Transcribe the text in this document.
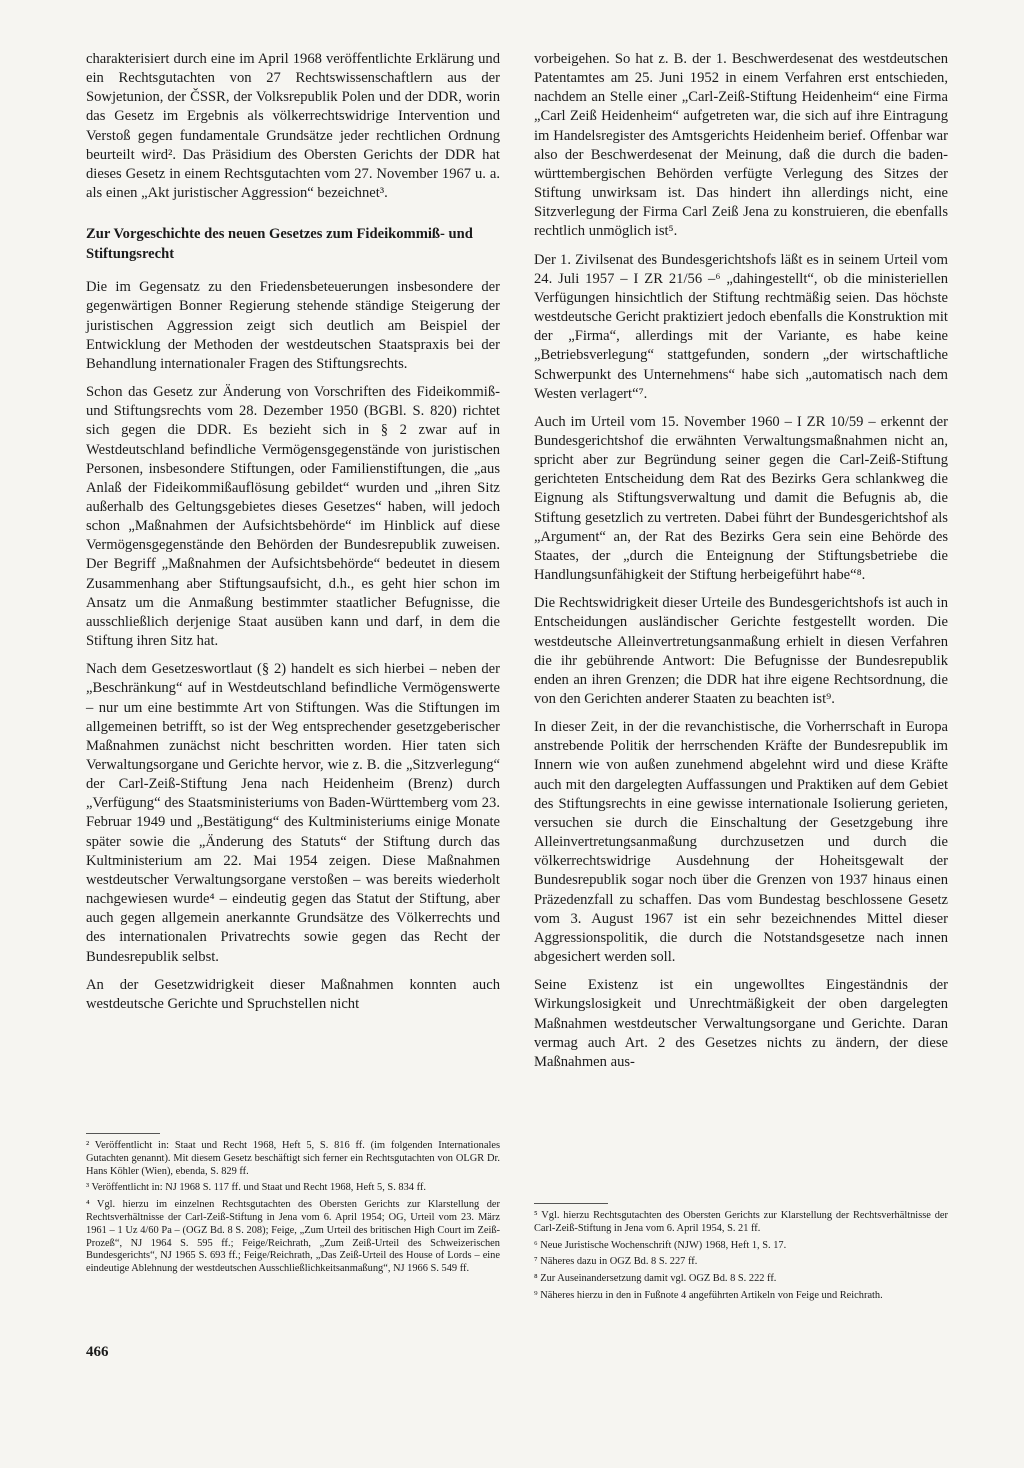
charakterisiert durch eine im April 1968 veröffentlichte Erklärung und ein Rechtsgutachten von 27 Rechtswissenschaftlern aus der Sowjetunion, der ČSSR, der Volksrepublik Polen und der DDR, worin das Gesetz im Ergebnis als völkerrechtswidrige Intervention und Verstoß gegen fundamentale Grundsätze jeder rechtlichen Ordnung beurteilt wird². Das Präsidium des Obersten Gerichts der DDR hat dieses Gesetz in einem Rechtsgutachten vom 27. November 1967 u. a. als einen „Akt juristischer Aggression“ bezeichnet³.

Zur Vorgeschichte des neuen Gesetzes zum Fideikommiß- und Stiftungsrecht

Die im Gegensatz zu den Friedensbeteuerungen insbesondere der gegenwärtigen Bonner Regierung stehende ständige Steigerung der juristischen Aggression zeigt sich deutlich am Beispiel der Entwicklung der Methoden der westdeutschen Staatspraxis bei der Behandlung internationaler Fragen des Stiftungsrechts.

Schon das Gesetz zur Änderung von Vorschriften des Fideikommiß- und Stiftungsrechts vom 28. Dezember 1950 (BGBl. S. 820) richtet sich gegen die DDR. Es bezieht sich in § 2 zwar auf in Westdeutschland befindliche Vermögensgegenstände von juristischen Personen, insbesondere Stiftungen, oder Familienstiftungen, die „aus Anlaß der Fideikommißauflösung gebildet“ wurden und „ihren Sitz außerhalb des Geltungsgebietes dieses Gesetzes“ haben, will jedoch schon „Maßnahmen der Aufsichtsbehörde“ im Hinblick auf diese Vermögensgegenstände den Behörden der Bundesrepublik zuweisen. Der Begriff „Maßnahmen der Aufsichtsbehörde“ bedeutet in diesem Zusammenhang aber Stiftungsaufsicht, d.h., es geht hier schon im Ansatz um die Anmaßung bestimmter staatlicher Befugnisse, die ausschließlich derjenige Staat ausüben kann und darf, in dem die Stiftung ihren Sitz hat.

Nach dem Gesetzeswortlaut (§ 2) handelt es sich hierbei – neben der „Beschränkung“ auf in Westdeutschland befindliche Vermögenswerte – nur um eine bestimmte Art von Stiftungen. Was die Stiftungen im allgemeinen betrifft, so ist der Weg entsprechender gesetzgeberischer Maßnahmen zunächst nicht beschritten worden. Hier taten sich Verwaltungsorgane und Gerichte hervor, wie z. B. die „Sitzverlegung“ der Carl-Zeiß-Stiftung Jena nach Heidenheim (Brenz) durch „Verfügung“ des Staatsministeriums von Baden-Württemberg vom 23. Februar 1949 und „Bestätigung“ des Kultministeriums einige Monate später sowie die „Änderung des Statuts“ der Stiftung durch das Kultministerium am 22. Mai 1954 zeigen. Diese Maßnahmen westdeutscher Verwaltungsorgane verstoßen – was bereits wiederholt nachgewiesen wurde⁴ – eindeutig gegen das Statut der Stiftung, aber auch gegen allgemein anerkannte Grundsätze des Völkerrechts und des internationalen Privatrechts sowie gegen das Recht der Bundesrepublik selbst.

An der Gesetzwidrigkeit dieser Maßnahmen konnten auch westdeutsche Gerichte und Spruchstellen nicht

² Veröffentlicht in: Staat und Recht 1968, Heft 5, S. 816 ff. (im folgenden Internationales Gutachten genannt). Mit diesem Gesetz beschäftigt sich ferner ein Rechtsgutachten von OLGR Dr. Hans Köhler (Wien), ebenda, S. 829 ff.

³ Veröffentlicht in: NJ 1968 S. 117 ff. und Staat und Recht 1968, Heft 5, S. 834 ff.

⁴ Vgl. hierzu im einzelnen Rechtsgutachten des Obersten Gerichts zur Klarstellung der Rechtsverhältnisse der Carl-Zeiß-Stiftung in Jena vom 6. April 1954; OG, Urteil vom 23. März 1961 – 1 Uz 4/60 Pa – (OGZ Bd. 8 S. 208); Feige, „Zum Urteil des britischen High Court im Zeiß-Prozeß“, NJ 1964 S. 595 ff.; Feige/Reichrath, „Zum Zeiß-Urteil des Schweizerischen Bundesgerichts“, NJ 1965 S. 693 ff.; Feige/Reichrath, „Das Zeiß-Urteil des House of Lords – eine eindeutige Ablehnung der westdeutschen Ausschließlichkeitsanmaßung“, NJ 1966 S. 549 ff.

vorbeigehen. So hat z. B. der 1. Beschwerdesenat des westdeutschen Patentamtes am 25. Juni 1952 in einem Verfahren erst entschieden, nachdem an Stelle einer „Carl-Zeiß-Stiftung Heidenheim“ eine Firma „Carl Zeiß Heidenheim“ aufgetreten war, die sich auf ihre Eintragung im Handelsregister des Amtsgerichts Heidenheim berief. Offenbar war also der Beschwerdesenat der Meinung, daß die durch die baden-württembergischen Behörden verfügte Verlegung des Sitzes der Stiftung unwirksam ist. Das hindert ihn allerdings nicht, eine Sitzverlegung der Firma Carl Zeiß Jena zu konstruieren, die ebenfalls rechtlich unmöglich ist⁵.

Der 1. Zivilsenat des Bundesgerichtshofs läßt es in seinem Urteil vom 24. Juli 1957 – I ZR 21/56 –⁶ „dahingestellt“, ob die ministeriellen Verfügungen hinsichtlich der Stiftung rechtmäßig seien. Das höchste westdeutsche Gericht praktiziert jedoch ebenfalls die Konstruktion mit der „Firma“, allerdings mit der Variante, es habe keine „Betriebsverlegung“ stattgefunden, sondern „der wirtschaftliche Schwerpunkt des Unternehmens“ habe sich „automatisch nach dem Westen verlagert“⁷.

Auch im Urteil vom 15. November 1960 – I ZR 10/59 – erkennt der Bundesgerichtshof die erwähnten Verwaltungsmaßnahmen nicht an, spricht aber zur Begründung seiner gegen die Carl-Zeiß-Stiftung gerichteten Entscheidung dem Rat des Bezirks Gera schlankweg die Eignung als Stiftungsverwaltung und damit die Befugnis ab, die Stiftung gesetzlich zu vertreten. Dabei führt der Bundesgerichtshof als „Argument“ an, der Rat des Bezirks Gera sein eine Behörde des Staates, der „durch die Enteignung der Stiftungsbetriebe die Handlungsunfähigkeit der Stiftung herbeigeführt habe“⁸.

Die Rechtswidrigkeit dieser Urteile des Bundesgerichtshofs ist auch in Entscheidungen ausländischer Gerichte festgestellt worden. Die westdeutsche Alleinvertretungsanmaßung erhielt in diesen Verfahren die ihr gebührende Antwort: Die Befugnisse der Bundesrepublik enden an ihren Grenzen; die DDR hat ihre eigene Rechtsordnung, die von den Gerichten anderer Staaten zu beachten ist⁹.

In dieser Zeit, in der die revanchistische, die Vorherrschaft in Europa anstrebende Politik der herrschenden Kräfte der Bundesrepublik im Innern wie von außen zunehmend abgelehnt wird und diese Kräfte auch mit den dargelegten Auffassungen und Praktiken auf dem Gebiet des Stiftungsrechts in eine gewisse internationale Isolierung gerieten, versuchen sie durch die Einschaltung der Gesetzgebung ihre Alleinvertretungsanmaßung durchzusetzen und durch die völkerrechtswidrige Ausdehnung der Hoheitsgewalt der Bundesrepublik sogar noch über die Grenzen von 1937 hinaus einen Präzedenzfall zu schaffen. Das vom Bundestag beschlossene Gesetz vom 3. August 1967 ist ein sehr bezeichnendes Mittel dieser Aggressionspolitik, die durch die Notstandsgesetze nach innen abgesichert werden soll.

Seine Existenz ist ein ungewolltes Eingeständnis der Wirkungslosigkeit und Unrechtmäßigkeit der oben dargelegten Maßnahmen westdeutscher Verwaltungsorgane und Gerichte. Daran vermag auch Art. 2 des Gesetzes nichts zu ändern, der diese Maßnahmen aus-

⁵ Vgl. hierzu Rechtsgutachten des Obersten Gerichts zur Klarstellung der Rechtsverhältnisse der Carl-Zeiß-Stiftung in Jena vom 6. April 1954, S. 21 ff.

⁶ Neue Juristische Wochenschrift (NJW) 1968, Heft 1, S. 17.

⁷ Näheres dazu in OGZ Bd. 8 S. 227 ff.

⁸ Zur Auseinandersetzung damit vgl. OGZ Bd. 8 S. 222 ff.

⁹ Näheres hierzu in den in Fußnote 4 angeführten Artikeln von Feige und Reichrath.

466
